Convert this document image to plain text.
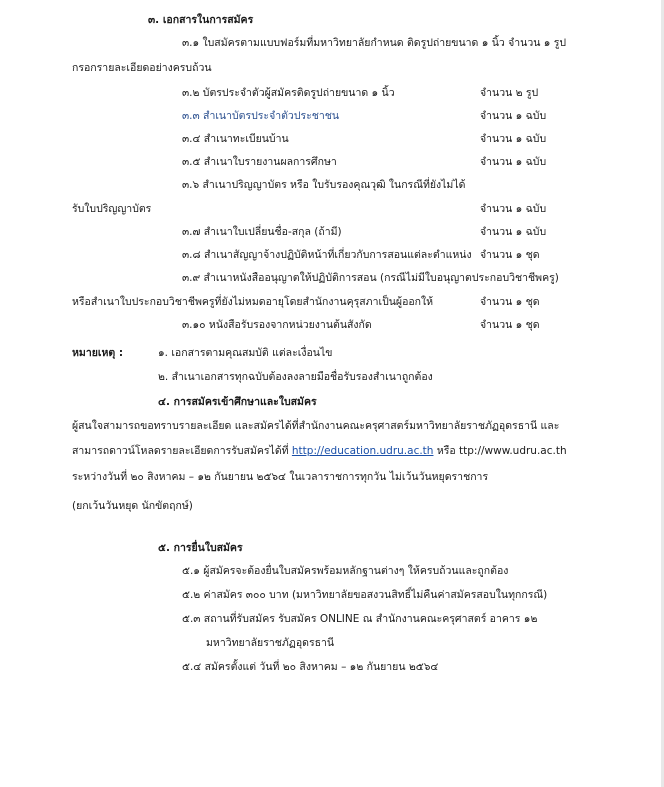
๓. เอกสารในการสมัคร
๓.๑ ใบสมัครตามแบบฟอร์มที่มหาวิทยาลัยกำหนด ติดรูปถ่ายขนาด ๑ นิ้ว จำนวน ๑ รูป
กรอกรายละเอียดอย่างครบถ้วน
๓.๒ บัตรประจำตัวผู้สมัครติดรูปถ่ายขนาด ๑ นิ้ว	จำนวน ๒ รูป
๓.๓ สำเนาบัตรประจำตัวประชาชน	จำนวน ๑ ฉบับ
๓.๔ สำเนาทะเบียนบ้าน	จำนวน ๑ ฉบับ
๓.๕ สำเนาใบรายงานผลการศึกษา	จำนวน ๑ ฉบับ
๓.๖ สำเนาปริญญาบัตร หรือ ใบรับรองคุณวุฒิ ในกรณีที่ยังไม่ได้
รับใบปริญญาบัตร	จำนวน ๑ ฉบับ
๓.๗ สำเนาใบเปลี่ยนชื่อ-สกุล (ถ้ามี)	จำนวน ๑ ฉบับ
๓.๘ สำเนาสัญญาจ้างปฏิบัติหน้าที่เกี่ยวกับการสอนแต่ละตำแหน่ง จำนวน ๑ ชุด
๓.๙ สำเนาหนังสืออนุญาตให้ปฏิบัติการสอน (กรณีไม่มีใบอนุญาตประกอบวิชาชีพครู)
หรือสำเนาใบประกอบวิชาชีพครูที่ยังไม่หมดอายุโดยสำนักงานคุรุสภาเป็นผู้ออกให้	จำนวน ๑ ชุด
๓.๑๐ หนังสือรับรองจากหน่วยงานต้นสังกัด	จำนวน ๑ ชุด
หมายเหตุ :	๑. เอกสารตามคุณสมบัติ แต่ละเงื่อนไข
๒. สำเนาเอกสารทุกฉบับต้องลงลายมือชื่อรับรองสำเนาถูกต้อง
๔. การสมัครเข้าศึกษาและใบสมัคร
ผู้สนใจสามารถขอทราบรายละเอียด และสมัครได้ที่สำนักงานคณะครุศาสตร์มหาวิทยาลัยราชภัฏอุดรธานี และ
สามารถดาวน์โหลดรายละเอียดการรับสมัครได้ที่ http://education.udru.ac.th หรือ ttp://www.udru.ac.th
ระหว่างวันที่ ๒๐ สิงหาคม – ๑๒ กันยายน ๒๕๖๔ ในเวลาราชการทุกวัน ไม่เว้นวันหยุดราชการ
(ยกเว้นวันหยุด นักขัตฤกษ์)
๕. การยื่นใบสมัคร
๕.๑ ผู้สมัครจะต้องยื่นใบสมัครพร้อมหลักฐานต่างๆ ให้ครบถ้วนและถูกต้อง
๕.๒ ค่าสมัคร ๓๐๐ บาท (มหาวิทยาลัยขอสงวนสิทธิ์ไม่คืนค่าสมัครสอบในทุกกรณี)
๕.๓ สถานที่รับสมัคร รับสมัคร ONLINE ณ สำนักงานคณะครุศาสตร์ อาคาร ๑๒
มหาวิทยาลัยราชภัฏอุดรธานี
๕.๔ สมัครตั้งแต่ วันที่ ๒๐ สิงหาคม – ๑๒ กันยายน ๒๕๖๔
